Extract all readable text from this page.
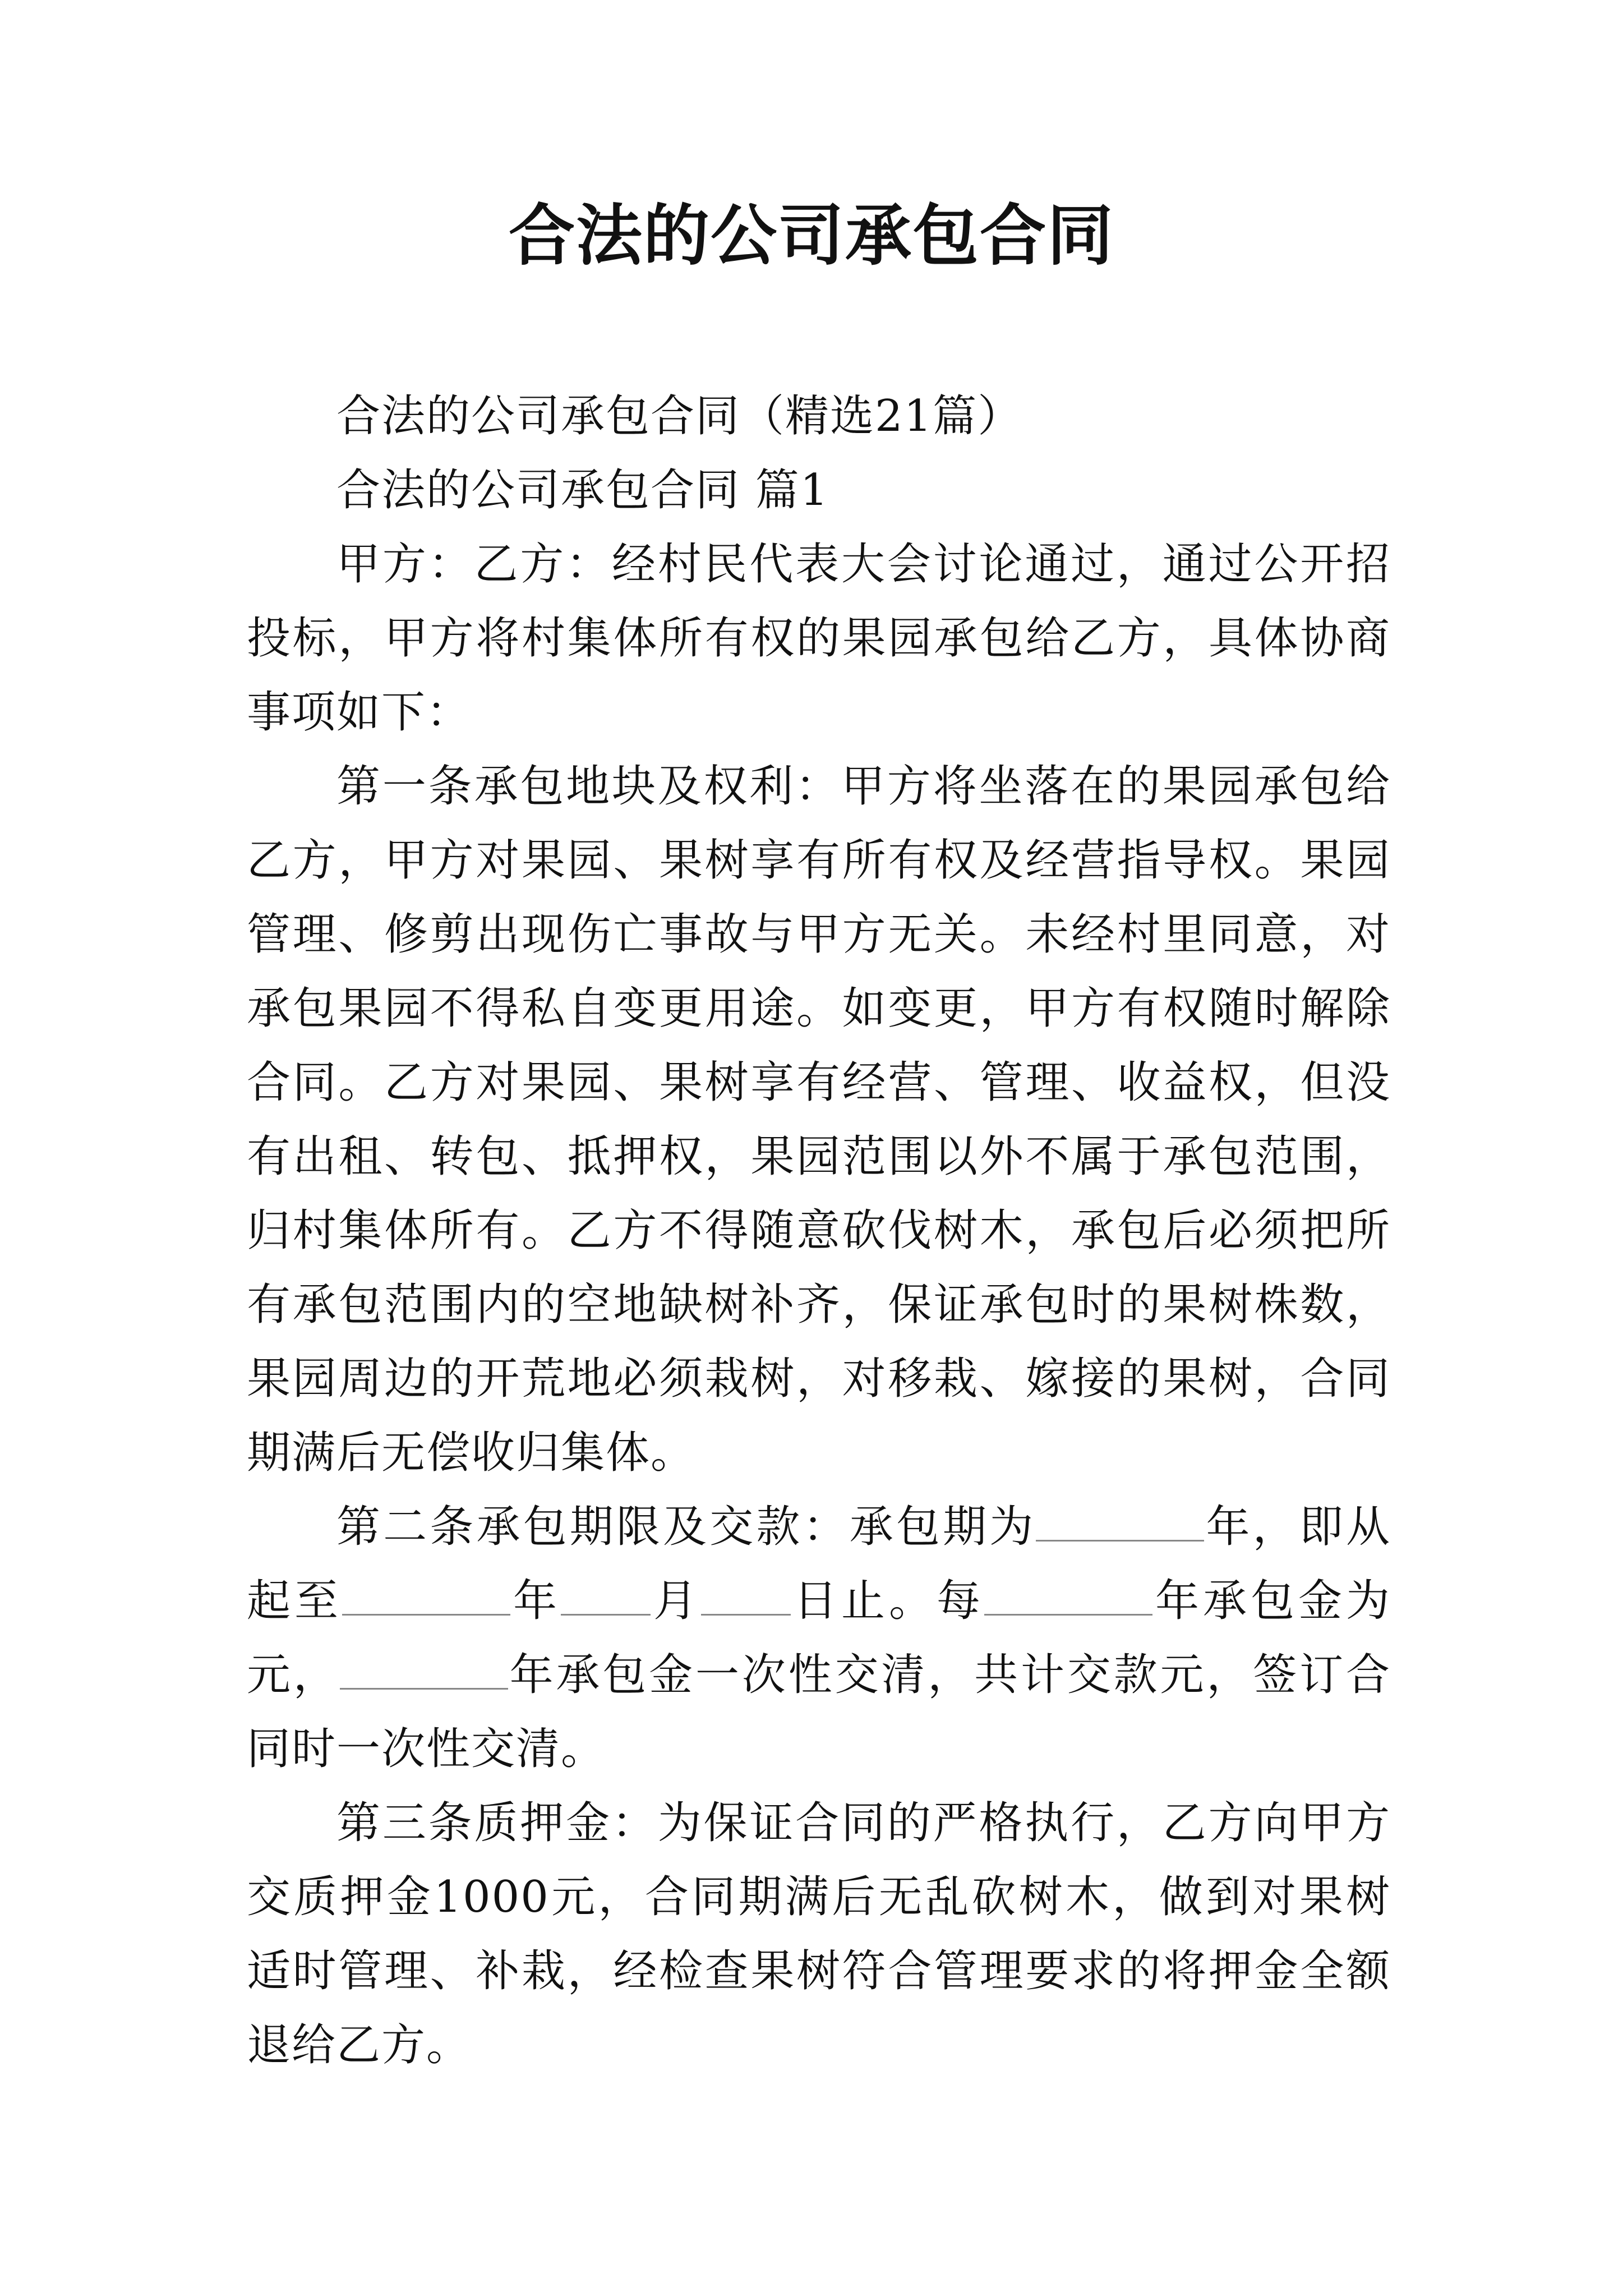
合法的公司承包合同

合法的公司承包合同（精选21篇）

合法的公司承包合同 篇1

甲方：乙方：经村民代表大会讨论通过，通过公开招投标，甲方将村集体所有权的果园承包给乙方，具体协商事项如下：

第一条承包地块及权利：甲方将坐落在的果园承包给乙方，甲方对果园、果树享有所有权及经营指导权。果园管理、修剪出现伤亡事故与甲方无关。未经村里同意，对承包果园不得私自变更用途。如变更，甲方有权随时解除合同。乙方对果园、果树享有经营、管理、收益权，但没有出租、转包、抵押权，果园范围以外不属于承包范围，归村集体所有。乙方不得随意砍伐树木，承包后必须把所有承包范围内的空地缺树补齐，保证承包时的果树株数，果园周边的开荒地必须栽树，对移栽、嫁接的果树，合同期满后无偿收归集体。

第二条承包期限及交款：承包期为	年，即从起至	年 月 日止。每	年承包金为元，	年承包金一次性交清，共计交款元，签订合同时一次性交清。

第三条质押金：为保证合同的严格执行，乙方向甲方交质押金1000元，合同期满后无乱砍树木，做到对果树适时管理、补栽，经检查果树符合管理要求的将押金全额退给乙方。
